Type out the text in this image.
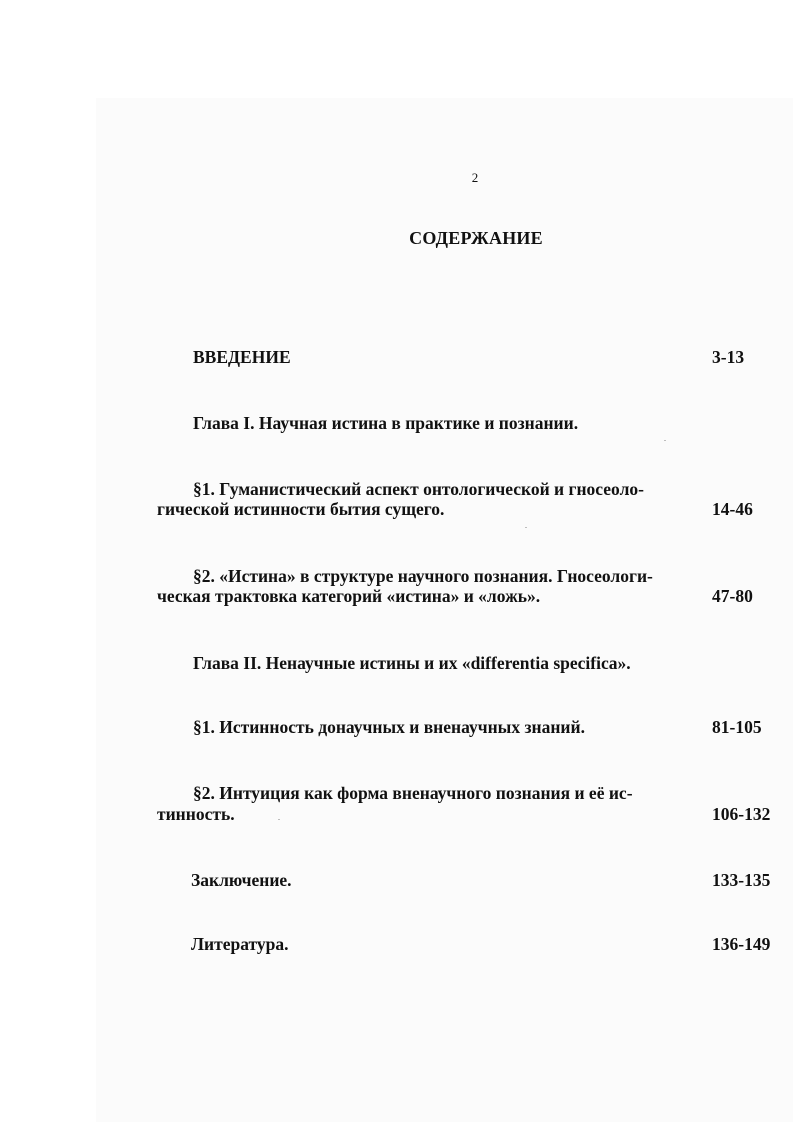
2
СОДЕРЖАНИЕ
ВВЕДЕНИЕ	3-13
Глава I. Научная истина в практике и познании.
§1. Гуманистический аспект онтологической и гносеоло-
гической истинности бытия сущего.	14-46
§2. «Истина» в структуре научного познания. Гносеологи-
ческая трактовка категорий «истина» и «ложь».	47-80
Глава II. Ненаучные истины и их «differentia specifica».
§1. Истинность донаучных и вненаучных знаний.	81-105
§2. Интуиция как форма вненаучного познания и её ис-
тинность.	106-132
Заключение.	133-135
Литература.	136-149
